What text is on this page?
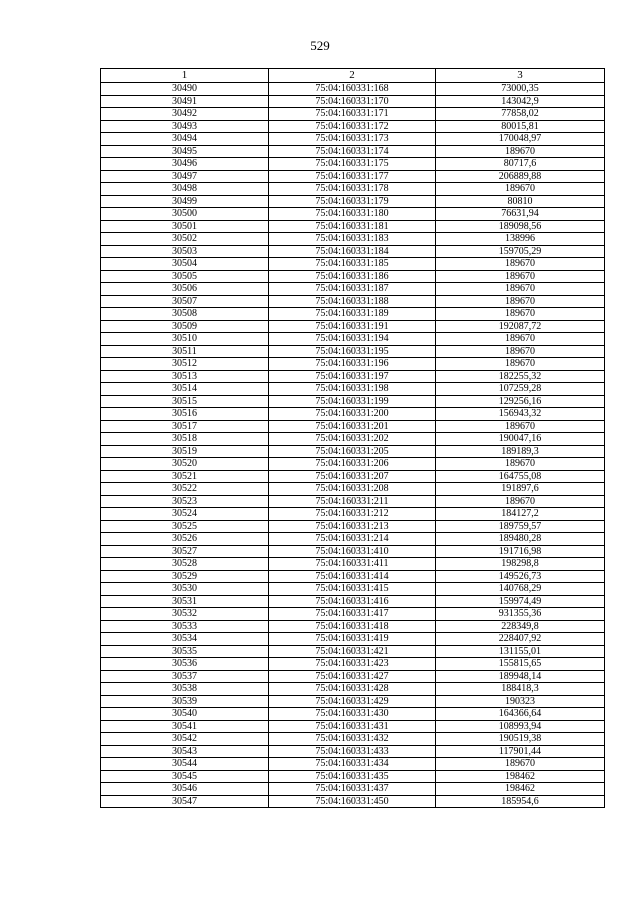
529
1	2	3
30490	75:04:160331:168	73000,35
30491	75:04:160331:170	143042,9
30492	75:04:160331:171	77858,02
30493	75:04:160331:172	80015,81
30494	75:04:160331:173	170048,97
30495	75:04:160331:174	189670
30496	75:04:160331:175	80717,6
30497	75:04:160331:177	206889,88
30498	75:04:160331:178	189670
30499	75:04:160331:179	80810
30500	75:04:160331:180	76631,94
30501	75:04:160331:181	189098,56
30502	75:04:160331:183	138996
30503	75:04:160331:184	159705,29
30504	75:04:160331:185	189670
30505	75:04:160331:186	189670
30506	75:04:160331:187	189670
30507	75:04:160331:188	189670
30508	75:04:160331:189	189670
30509	75:04:160331:191	192087,72
30510	75:04:160331:194	189670
30511	75:04:160331:195	189670
30512	75:04:160331:196	189670
30513	75:04:160331:197	182255,32
30514	75:04:160331:198	107259,28
30515	75:04:160331:199	129256,16
30516	75:04:160331:200	156943,32
30517	75:04:160331:201	189670
30518	75:04:160331:202	190047,16
30519	75:04:160331:205	189189,3
30520	75:04:160331:206	189670
30521	75:04:160331:207	164755,08
30522	75:04:160331:208	191897,6
30523	75:04:160331:211	189670
30524	75:04:160331:212	184127,2
30525	75:04:160331:213	189759,57
30526	75:04:160331:214	189480,28
30527	75:04:160331:410	191716,98
30528	75:04:160331:411	198298,8
30529	75:04:160331:414	149526,73
30530	75:04:160331:415	140768,29
30531	75:04:160331:416	159974,49
30532	75:04:160331:417	931355,36
30533	75:04:160331:418	228349,8
30534	75:04:160331:419	228407,92
30535	75:04:160331:421	131155,01
30536	75:04:160331:423	155815,65
30537	75:04:160331:427	189948,14
30538	75:04:160331:428	188418,3
30539	75:04:160331:429	190323
30540	75:04:160331:430	164366,64
30541	75:04:160331:431	108993,94
30542	75:04:160331:432	190519,38
30543	75:04:160331:433	117901,44
30544	75:04:160331:434	189670
30545	75:04:160331:435	198462
30546	75:04:160331:437	198462
30547	75:04:160331:450	185954,6
